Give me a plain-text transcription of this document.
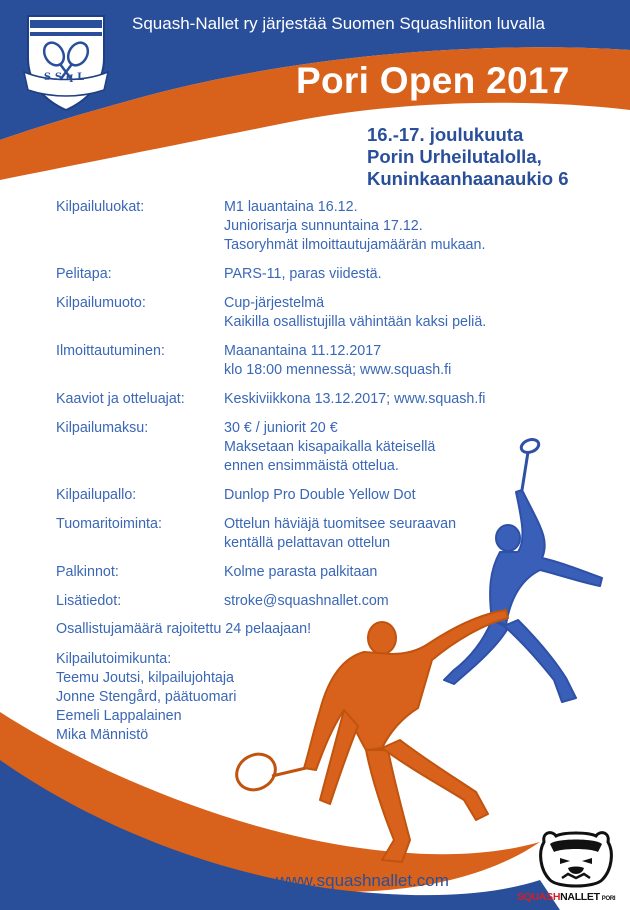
SSqL
Squash-Nallet ry järjestää Suomen Squashliiton luvalla
Pori Open 2017
16.-17. joulukuuta
Porin Urheilutalolla,
Kuninkaanhaanaukio 6
Kilpailuluokat:	M1 lauantaina 16.12.
Juniorisarja sunnuntaina 17.12.
Tasoryhmät ilmoittautujamäärän mukaan.
Pelitapa:	PARS-11, paras viidestä.
Kilpailumuoto:	Cup-järjestelmä
Kaikilla osallistujilla vähintään kaksi peliä.
Ilmoittautuminen:	Maanantaina 11.12.2017
klo 18:00 mennessä; www.squash.fi
Kaaviot ja otteluajat:	Keskiviikkona 13.12.2017; www.squash.fi
Kilpailumaksu:	30 € / juniorit 20 €
Maksetaan kisapaikalla käteisellä
ennen ensimmäistä ottelua.
Kilpailupallo:	Dunlop Pro Double Yellow Dot
Tuomaritoiminta:	Ottelun häviäjä tuomitsee seuraavan
kentällä pelattavan ottelun
Palkinnot:	Kolme parasta palkitaan
Lisätiedot:	stroke@squashnallet.com
Osallistujamäärä rajoitettu 24 pelaajaan!
Kilpailutoimikunta:
Teemu Joutsi, kilpailujohtaja
Jonne Stengård, päätuomari
Eemeli Lappalainen
Mika Männistö
www.squashnallet.com
SQUASHNALLET PORI
